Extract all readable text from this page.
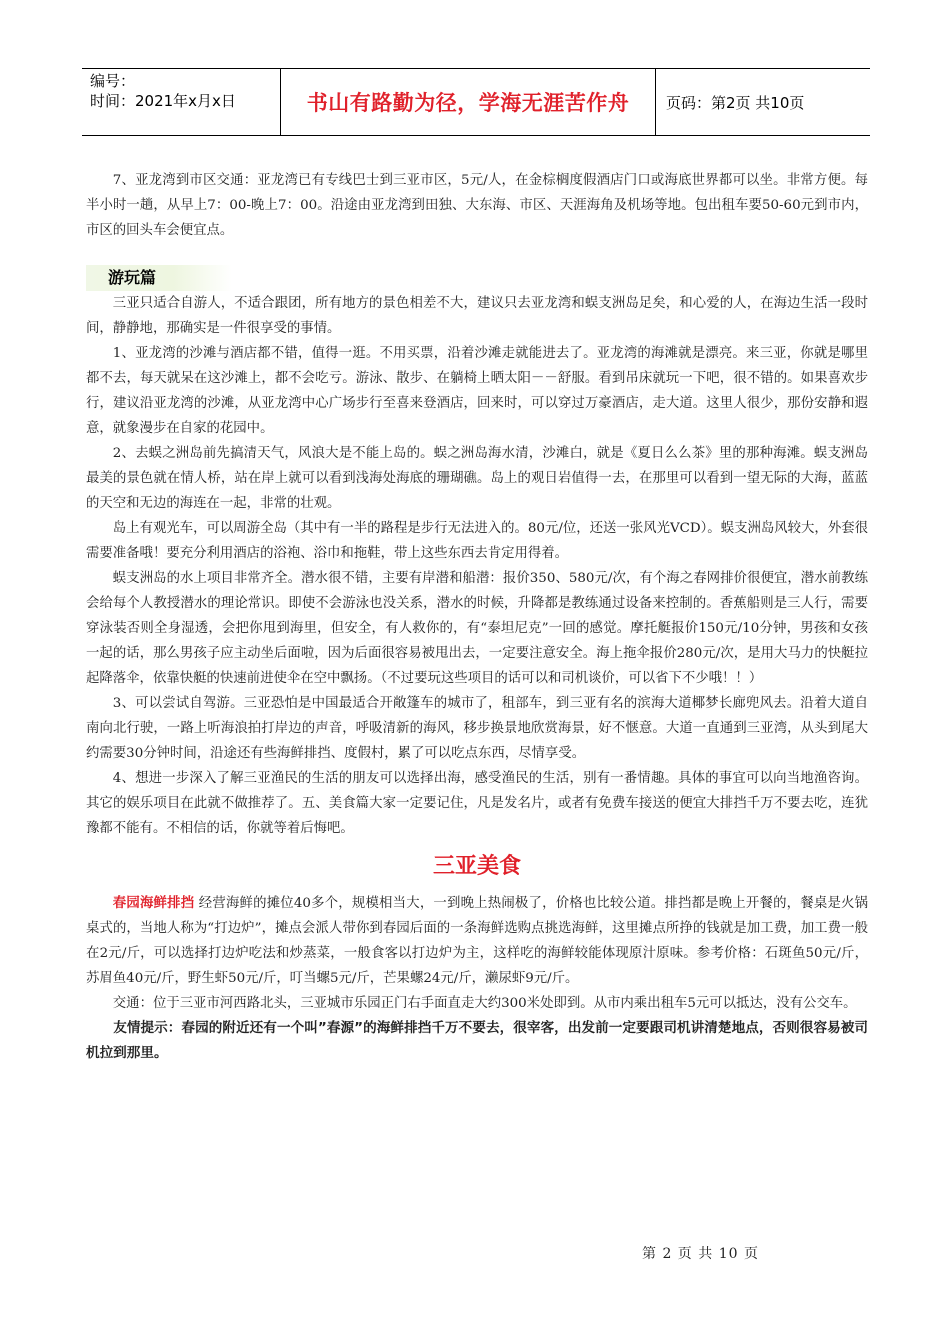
编号：
时间：2021年x月x日	书山有路勤为径，学海无涯苦作舟	页码：第2页 共10页

7、亚龙湾到市区交通：亚龙湾已有专线巴士到三亚市区，5元/人，在金棕榈度假酒店门口或海底世界都可以坐。非常方便。每半小时一趟，从早上7：00-晚上7：00。沿途由亚龙湾到田独、大东海、市区、天涯海角及机场等地。包出租车要50-60元到市内，市区的回头车会便宜点。

游玩篇

三亚只适合自游人，不适合跟团，所有地方的景色相差不大，建议只去亚龙湾和蜈支洲岛足矣，和心爱的人，在海边生活一段时间，静静地，那确实是一件很享受的事情。

1、亚龙湾的沙滩与酒店都不错，值得一逛。不用买票，沿着沙滩走就能进去了。亚龙湾的海滩就是漂亮。来三亚，你就是哪里都不去，每天就呆在这沙滩上，都不会吃亏。游泳、散步、在躺椅上晒太阳－－舒服。看到吊床就玩一下吧，很不错的。如果喜欢步行，建议沿亚龙湾的沙滩，从亚龙湾中心广场步行至喜来登酒店，回来时，可以穿过万豪酒店，走大道。这里人很少，那份安静和遐意，就象漫步在自家的花园中。

2、去蜈之洲岛前先搞清天气，风浪大是不能上岛的。蜈之洲岛海水清，沙滩白，就是《夏日么么茶》里的那种海滩。蜈支洲岛最美的景色就在情人桥，站在岸上就可以看到浅海处海底的珊瑚礁。岛上的观日岩值得一去，在那里可以看到一望无际的大海，蓝蓝的天空和无边的海连在一起，非常的壮观。

岛上有观光车，可以周游全岛（其中有一半的路程是步行无法进入的。80元/位，还送一张风光VCD）。蜈支洲岛风较大，外套很需要准备哦！要充分利用酒店的浴袍、浴巾和拖鞋，带上这些东西去肯定用得着。

蜈支洲岛的水上项目非常齐全。潜水很不错，主要有岸潜和船潜：报价350、580元/次，有个海之春网排价很便宜，潜水前教练会给每个人教授潜水的理论常识。即使不会游泳也没关系，潜水的时候，升降都是教练通过设备来控制的。香蕉船则是三人行，需要穿泳装否则全身湿透，会把你甩到海里，但安全，有人救你的，有“泰坦尼克”一回的感觉。摩托艇报价150元/10分钟，男孩和女孩一起的话，那么男孩子应主动坐后面啦，因为后面很容易被甩出去，一定要注意安全。海上拖伞报价280元/次，是用大马力的快艇拉起降落伞，依靠快艇的快速前进使伞在空中飘扬。（不过要玩这些项目的话可以和司机谈价，可以省下不少哦！！）

3、可以尝试自驾游。三亚恐怕是中国最适合开敞篷车的城市了，租部车，到三亚有名的滨海大道椰梦长廊兜风去。沿着大道自南向北行驶，一路上听海浪拍打岸边的声音，呼吸清新的海风，移步换景地欣赏海景，好不惬意。大道一直通到三亚湾，从头到尾大约需要30分钟时间，沿途还有些海鲜排挡、度假村，累了可以吃点东西，尽情享受。

4、想进一步深入了解三亚渔民的生活的朋友可以选择出海，感受渔民的生活，别有一番情趣。具体的事宜可以向当地渔咨询。其它的娱乐项目在此就不做推荐了。五、美食篇大家一定要记住，凡是发名片，或者有免费车接送的便宜大排挡千万不要去吃，连犹豫都不能有。不相信的话，你就等着后悔吧。

三亚美食

春园海鲜排挡 经营海鲜的摊位40多个，规模相当大，一到晚上热闹极了，价格也比较公道。排挡都是晚上开餐的，餐桌是火锅桌式的，当地人称为“打边炉”，摊点会派人带你到春园后面的一条海鲜选购点挑选海鲜，这里摊点所挣的钱就是加工费，加工费一般在2元/斤，可以选择打边炉吃法和炒蒸菜，一般食客以打边炉为主，这样吃的海鲜较能体现原汁原味。参考价格：石斑鱼50元/斤，苏眉鱼40元/斤，野生虾50元/斤，叮当螺5元/斤，芒果螺24元/斤，濑尿虾9元/斤。

交通：位于三亚市河西路北头，三亚城市乐园正门右手面直走大约300米处即到。从市内乘出租车5元可以抵达，没有公交车。

友情提示：春园的附近还有一个叫”春源”的海鲜排挡千万不要去，很宰客，出发前一定要跟司机讲清楚地点，否则很容易被司机拉到那里。

第 2 页 共 10 页
